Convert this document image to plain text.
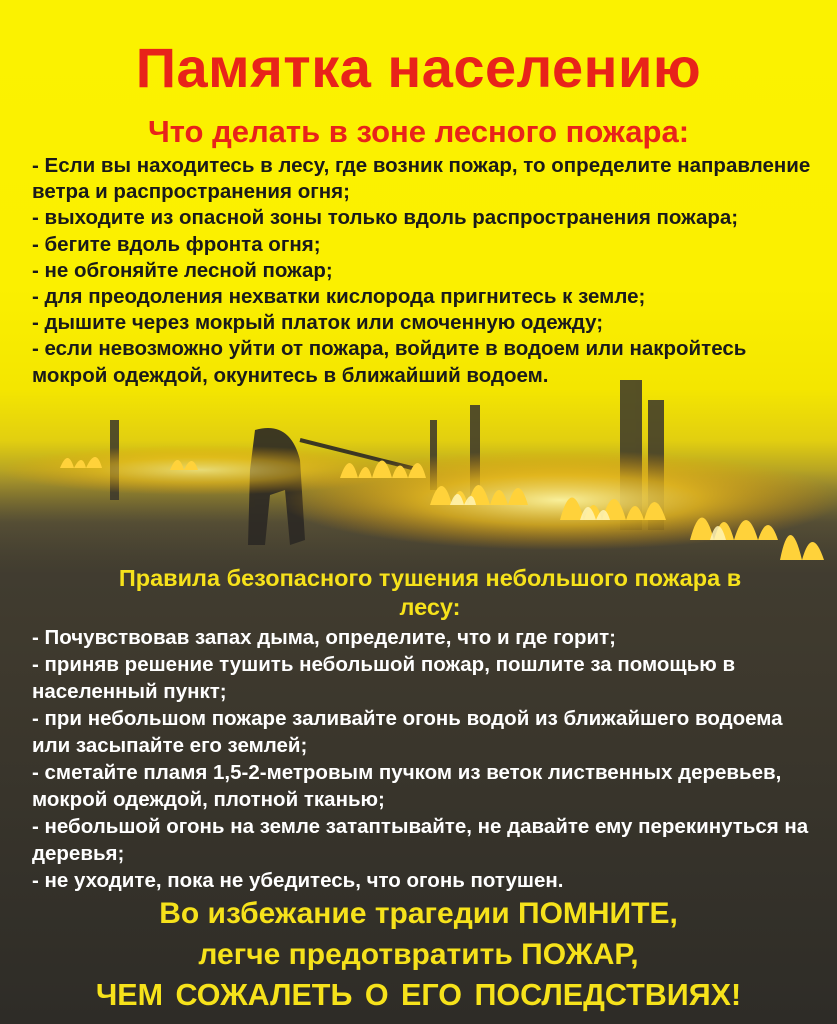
Памятка населению
Что делать в зоне лесного пожара:
- Если вы находитесь в лесу, где возник пожар, то определите направление ветра и распространения огня;
- выходите из опасной зоны только вдоль распространения пожара;
- бегите вдоль фронта огня;
- не обгоняйте лесной пожар;
- для преодоления нехватки кислорода пригнитесь к земле;
- дышите через мокрый платок или смоченную одежду;
- если невозможно уйти от пожара, войдите в водоем или накройтесь мокрой одеждой, окунитесь в ближайший водоем.
Правила безопасного тушения небольшого пожара в лесу:
- Почувствовав запах дыма, определите, что и где горит;
- приняв решение тушить небольшой пожар, пошлите за помощью в населенный пункт;
- при небольшом пожаре заливайте огонь водой из ближайшего водоема или засыпайте его землей;
- сметайте пламя 1,5-2-метровым пучком из веток лиственных деревьев, мокрой одеждой, плотной тканью;
- небольшой огонь на земле затаптывайте, не давайте ему перекинуться на деревья;
- не уходите, пока не убедитесь, что огонь потушен.

Во избежание трагедии ПОМНИТЕ,

легче предотвратить ПОЖАР,

ЧЕМ СОЖАЛЕТЬ О ЕГО ПОСЛЕДСТВИЯХ!
